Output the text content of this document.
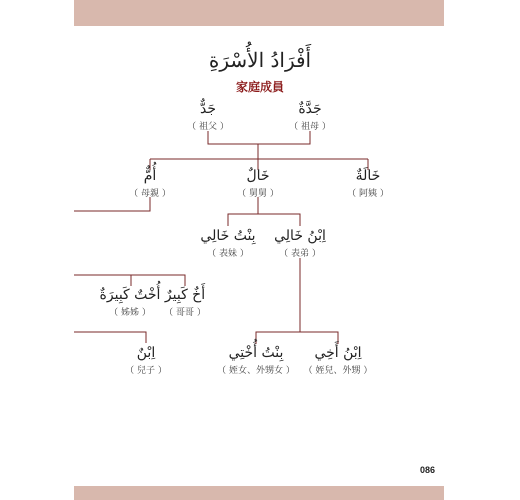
أَفْرَادُ الأُسْرَةِ
家庭成員
جَدٌّ
（ 祖父 ）
جَدَّةٌ
（ 祖母 ）
أُمٌّ
（ 母親 ）
خَالٌ
（ 舅舅 ）
خَالَةٌ
（ 阿姨 ）
بِنْتُ خَالِي
（ 表妹 ）
اِبْنُ خَالِي
（ 表弟 ）
أُخْتٌ كَبِيرَةٌ
（ 姊姊 ）
أَخٌ كَبِيرٌ
（ 哥哥 ）
اِبْنٌ
（ 兒子 ）
بِنْتُ أُخْتِي
（ 姪女、外甥女 ）
اِبْنُ أَخِي
（ 姪兒、外甥 ）
086
